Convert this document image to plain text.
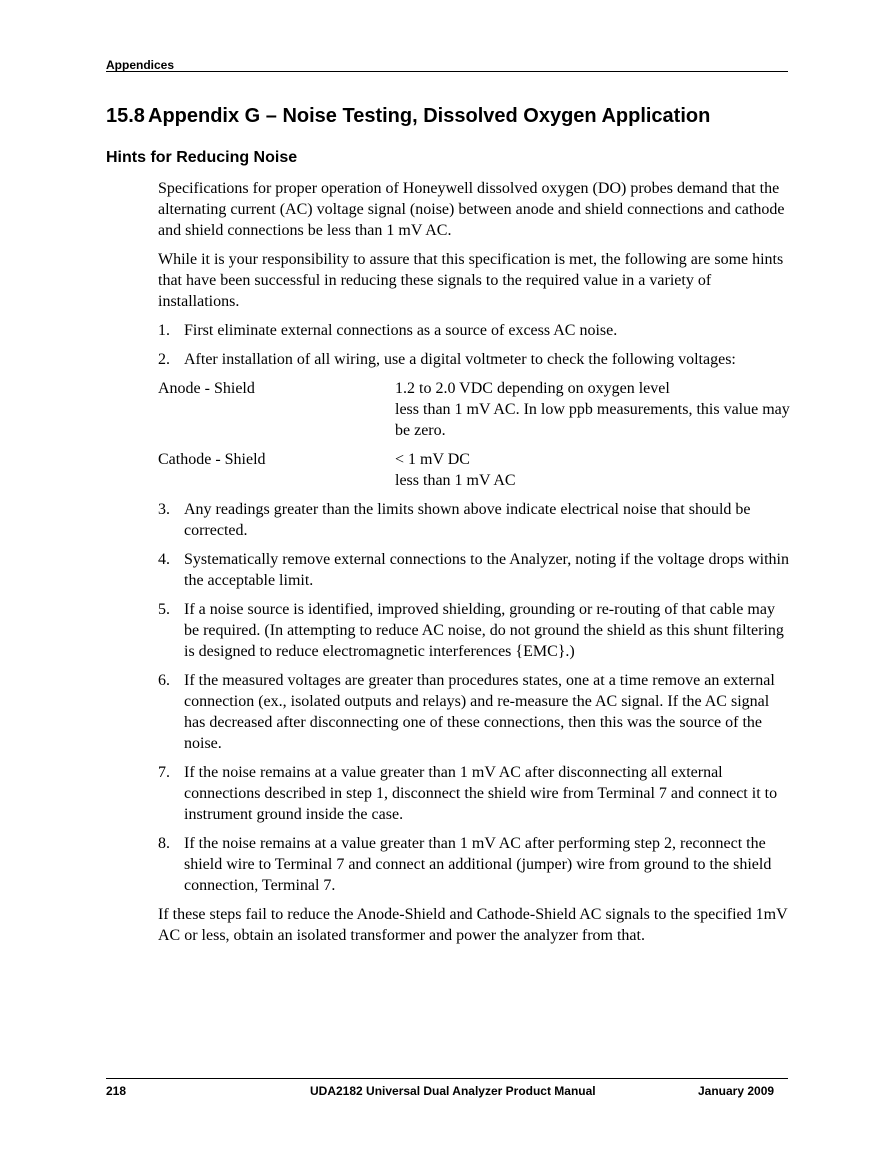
Appendices
15.8 Appendix G – Noise Testing, Dissolved Oxygen Application
Hints for Reducing Noise

Specifications for proper operation of Honeywell dissolved oxygen (DO) probes demand that the alternating current (AC) voltage signal (noise) between anode and shield connections and cathode and shield connections be less than 1 mV AC.

While it is your responsibility to assure that this specification is met, the following are some hints that have been successful in reducing these signals to the required value in a variety of installations.

1. First eliminate external connections as a source of excess AC noise.
2. After installation of all wiring, use a digital voltmeter to check the following voltages:
Anode - Shield	1.2 to 2.0 VDC depending on oxygen level
less than 1 mV AC. In low ppb measurements, this value may be zero.
Cathode - Shield	< 1 mV DC
less than 1 mV AC
3. Any readings greater than the limits shown above indicate electrical noise that should be corrected.
4. Systematically remove external connections to the Analyzer, noting if the voltage drops within the acceptable limit.
5. If a noise source is identified, improved shielding, grounding or re-routing of that cable may be required. (In attempting to reduce AC noise, do not ground the shield as this shunt filtering is designed to reduce electromagnetic interferences {EMC}.)
6. If the measured voltages are greater than procedures states, one at a time remove an external connection (ex., isolated outputs and relays) and re-measure the AC signal. If the AC signal has decreased after disconnecting one of these connections, then this was the source of the noise.
7. If the noise remains at a value greater than 1 mV AC after disconnecting all external connections described in step 1, disconnect the shield wire from Terminal 7 and connect it to instrument ground inside the case.
8. If the noise remains at a value greater than 1 mV AC after performing step 2, reconnect the shield wire to Terminal 7 and connect an additional (jumper) wire from ground to the shield connection, Terminal 7.

If these steps fail to reduce the Anode-Shield and Cathode-Shield AC signals to the specified 1mV AC or less, obtain an isolated transformer and power the analyzer from that.

218	UDA2182 Universal Dual Analyzer Product Manual	January 2009
